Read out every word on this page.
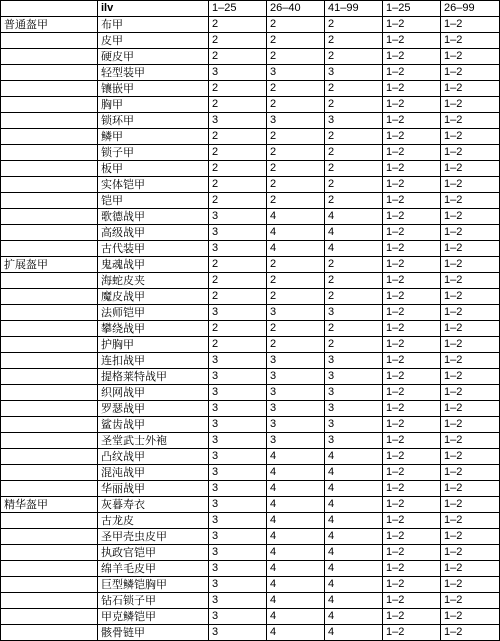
	ilv	1–25	26–40	41–99	1–25	26–99
普通盔甲	布甲	2	2	2	1–2	1–2
	皮甲	2	2	2	1–2	1–2
	硬皮甲	2	2	2	1–2	1–2
	轻型装甲	3	3	3	1–2	1–2
	镶嵌甲	2	2	2	1–2	1–2
	胸甲	2	2	2	1–2	1–2
	锁环甲	3	3	3	1–2	1–2
	鳞甲	2	2	2	1–2	1–2
	锁子甲	2	2	2	1–2	1–2
	板甲	2	2	2	1–2	1–2
	实体铠甲	2	2	2	1–2	1–2
	铠甲	2	2	2	1–2	1–2
	歌德战甲	3	4	4	1–2	1–2
	高级战甲	3	4	4	1–2	1–2
	古代装甲	3	4	4	1–2	1–2
扩展盔甲	鬼魂战甲	2	2	2	1–2	1–2
	海蛇皮夹	2	2	2	1–2	1–2
	魔皮战甲	2	2	2	1–2	1–2
	法师铠甲	3	3	3	1–2	1–2
	攀绕战甲	2	2	2	1–2	1–2
	护胸甲	2	2	2	1–2	1–2
	连扣战甲	3	3	3	1–2	1–2
	提格莱特战甲	3	3	3	1–2	1–2
	织网战甲	3	3	3	1–2	1–2
	罗瑟战甲	3	3	3	1–2	1–2
	鲨齿战甲	3	3	3	1–2	1–2
	圣堂武士外袍	3	3	3	1–2	1–2
	凸纹战甲	3	4	4	1–2	1–2
	混沌战甲	3	4	4	1–2	1–2
	华丽战甲	3	4	4	1–2	1–2
精华盔甲	灰暮寿衣	3	4	4	1–2	1–2
	古龙皮	3	4	4	1–2	1–2
	圣甲壳虫皮甲	3	4	4	1–2	1–2
	执政官铠甲	3	4	4	1–2	1–2
	绵羊毛皮甲	3	4	4	1–2	1–2
	巨型鳞铠胸甲	3	4	4	1–2	1–2
	钻石锁子甲	3	4	4	1–2	1–2
	甲克鳞铠甲	3	4	4	1–2	1–2
	骸骨链甲	3	4	4	1–2	1–2
